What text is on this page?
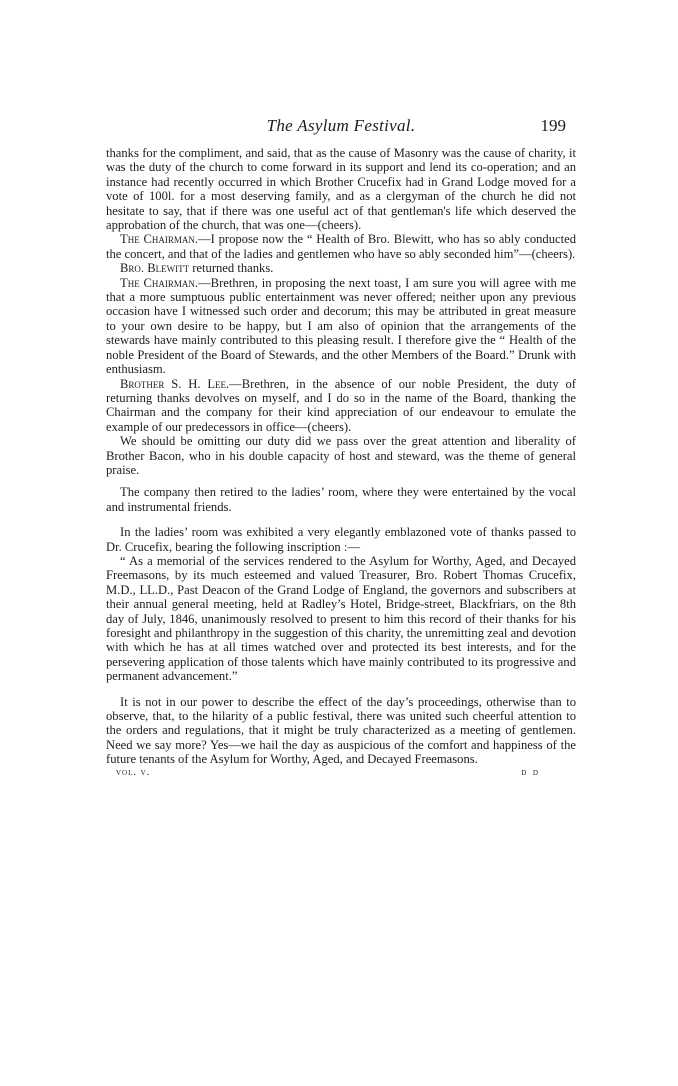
The Asylum Festival.	199

thanks for the compliment, and said, that as the cause of Masonry was the cause of charity, it was the duty of the church to come forward in its support and lend its co-operation; and an instance had recently occurred in which Brother Crucefix had in Grand Lodge moved for a vote of 100l. for a most deserving family, and as a clergyman of the church he did not hesitate to say, that if there was one useful act of that gentleman's life which deserved the approbation of the church, that was one—(cheers).

The Chairman.—I propose now the “ Health of Bro. Blewitt, who has so ably conducted the concert, and that of the ladies and gentlemen who have so ably seconded him”—(cheers).

Bro. Blewitt returned thanks.

The Chairman.—Brethren, in proposing the next toast, I am sure you will agree with me that a more sumptuous public entertainment was never offered; neither upon any previous occasion have I witnessed such order and decorum; this may be attributed in great measure to your own desire to be happy, but I am also of opinion that the arrangements of the stewards have mainly contributed to this pleasing result. I therefore give the “ Health of the noble President of the Board of Stewards, and the other Members of the Board.” Drunk with enthusiasm.

Brother S. H. Lee.—Brethren, in the absence of our noble President, the duty of returning thanks devolves on myself, and I do so in the name of the Board, thanking the Chairman and the company for their kind appreciation of our endeavour to emulate the example of our predecessors in office—(cheers).

We should be omitting our duty did we pass over the great attention and liberality of Brother Bacon, who in his double capacity of host and steward, was the theme of general praise.

The company then retired to the ladies’ room, where they were entertained by the vocal and instrumental friends.

In the ladies’ room was exhibited a very elegantly emblazoned vote of thanks passed to Dr. Crucefix, bearing the following inscription :—

“ As a memorial of the services rendered to the Asylum for Worthy, Aged, and Decayed Freemasons, by its much esteemed and valued Treasurer, Bro. Robert Thomas Crucefix, M.D., LL.D., Past Deacon of the Grand Lodge of England, the governors and subscribers at their annual general meeting, held at Radley’s Hotel, Bridge-street, Blackfriars, on the 8th day of July, 1846, unanimously resolved to present to him this record of their thanks for his foresight and philanthropy in the suggestion of this charity, the unremitting zeal and devotion with which he has at all times watched over and protected its best interests, and for the persevering application of those talents which have mainly contributed to its progressive and permanent advancement.”

It is not in our power to describe the effect of the day’s proceedings, otherwise than to observe, that, to the hilarity of a public festival, there was united such cheerful attention to the orders and regulations, that it might be truly characterized as a meeting of gentlemen. Need we say more? Yes—we hail the day as auspicious of the comfort and happiness of the future tenants of the Asylum for Worthy, Aged, and Decayed Freemasons.

vol. v.	d d
